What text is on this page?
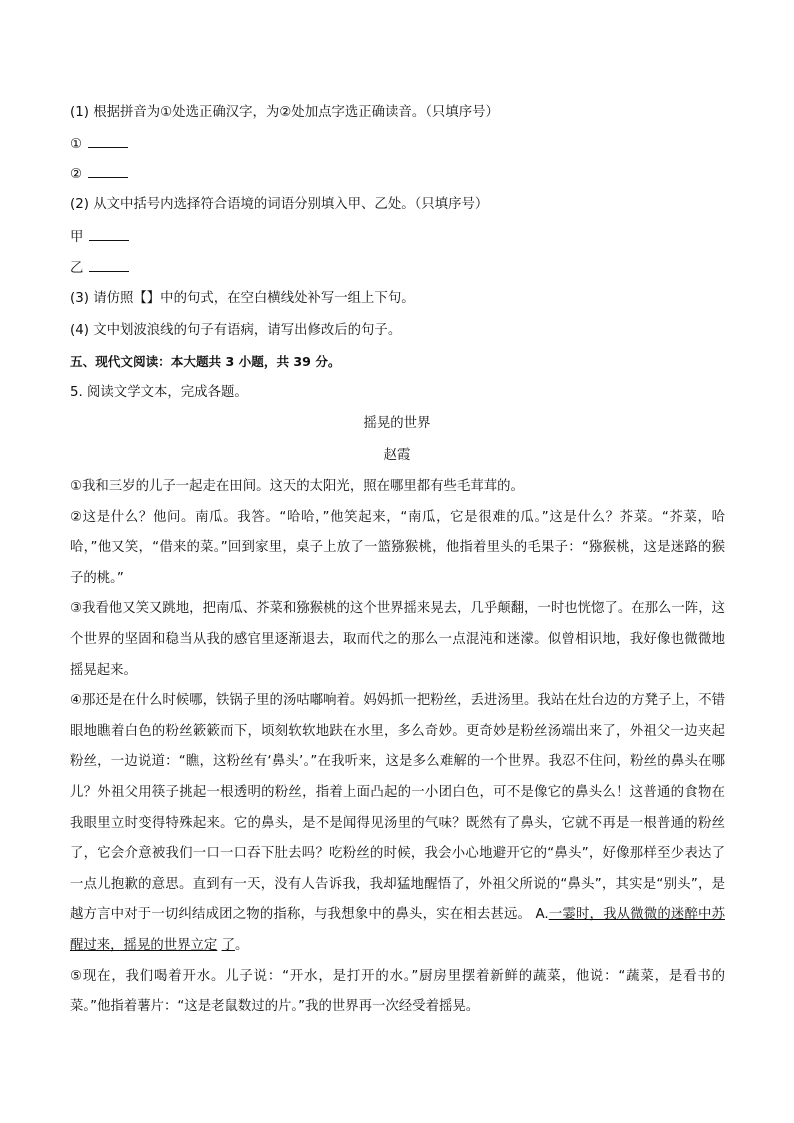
(1) 根据拼音为①处选正确汉字，为②处加点字选正确读音。（只填序号）
①
②
(2) 从文中括号内选择符合语境的词语分别填入甲、乙处。（只填序号）
甲
乙
(3) 请仿照【】中的句式，在空白横线处补写一组上下句。
(4) 文中划波浪线的句子有语病，请写出修改后的句子。
五、现代文阅读：本大题共 3 小题，共 39 分。
5. 阅读文学文本，完成各题。
摇晃的世界
赵霞

①我和三岁的儿子一起走在田间。这天的太阳光，照在哪里都有些毛茸茸的。

②这是什么？他问。南瓜。我答。“哈哈，”他笑起来，“南瓜，它是很难的瓜。”这是什么？芥菜。“芥菜，哈哈，”他又笑，“借来的菜。”回到家里，桌子上放了一篮猕猴桃，他指着里头的毛果子：“猕猴桃，这是迷路的猴子的桃。”

③我看他又笑又跳地，把南瓜、芥菜和猕猴桃的这个世界摇来晃去，几乎颠翻，一时也恍惚了。在那么一阵，这个世界的坚固和稳当从我的感官里逐渐退去，取而代之的那么一点混沌和迷濛。似曾相识地，我好像也微微地摇晃起来。

④那还是在什么时候哪，铁锅子里的汤咕嘟响着。妈妈抓一把粉丝，丢进汤里。我站在灶台边的方凳子上，不错眼地瞧着白色的粉丝簌簌而下，顷刻软软地趺在水里，多么奇妙。更奇妙是粉丝汤端出来了，外祖父一边夹起粉丝，一边说道：“瞧，这粉丝有‘鼻头’。”在我听来，这是多么难解的一个世界。我忍不住问，粉丝的鼻头在哪儿？外祖父用筷子挑起一根透明的粉丝，指着上面凸起的一小团白色，可不是像它的鼻头么！这普通的食物在我眼里立时变得特殊起来。它的鼻头，是不是闻得见汤里的气味？既然有了鼻头，它就不再是一根普通的粉丝了，它会介意被我们一口一口吞下肚去吗？吃粉丝的时候，我会小心地避开它的“鼻头”，好像那样至少表达了一点儿抱歉的意思。直到有一天，没有人告诉我，我却猛地醒悟了，外祖父所说的“鼻头”，其实是“别头”，是越方言中对于一切纠结成团之物的指称，与我想象中的鼻头，实在相去甚远。 A.一霎时，我从微微的迷醉中苏醒过来，摇晃的世界立定 了。

⑤现在，我们喝着开水。儿子说：“开水，是打开的水。”厨房里摆着新鲜的蔬菜，他说：“蔬菜，是看书的菜。”他指着薯片：“这是老鼠数过的片。”我的世界再一次经受着摇晃。
